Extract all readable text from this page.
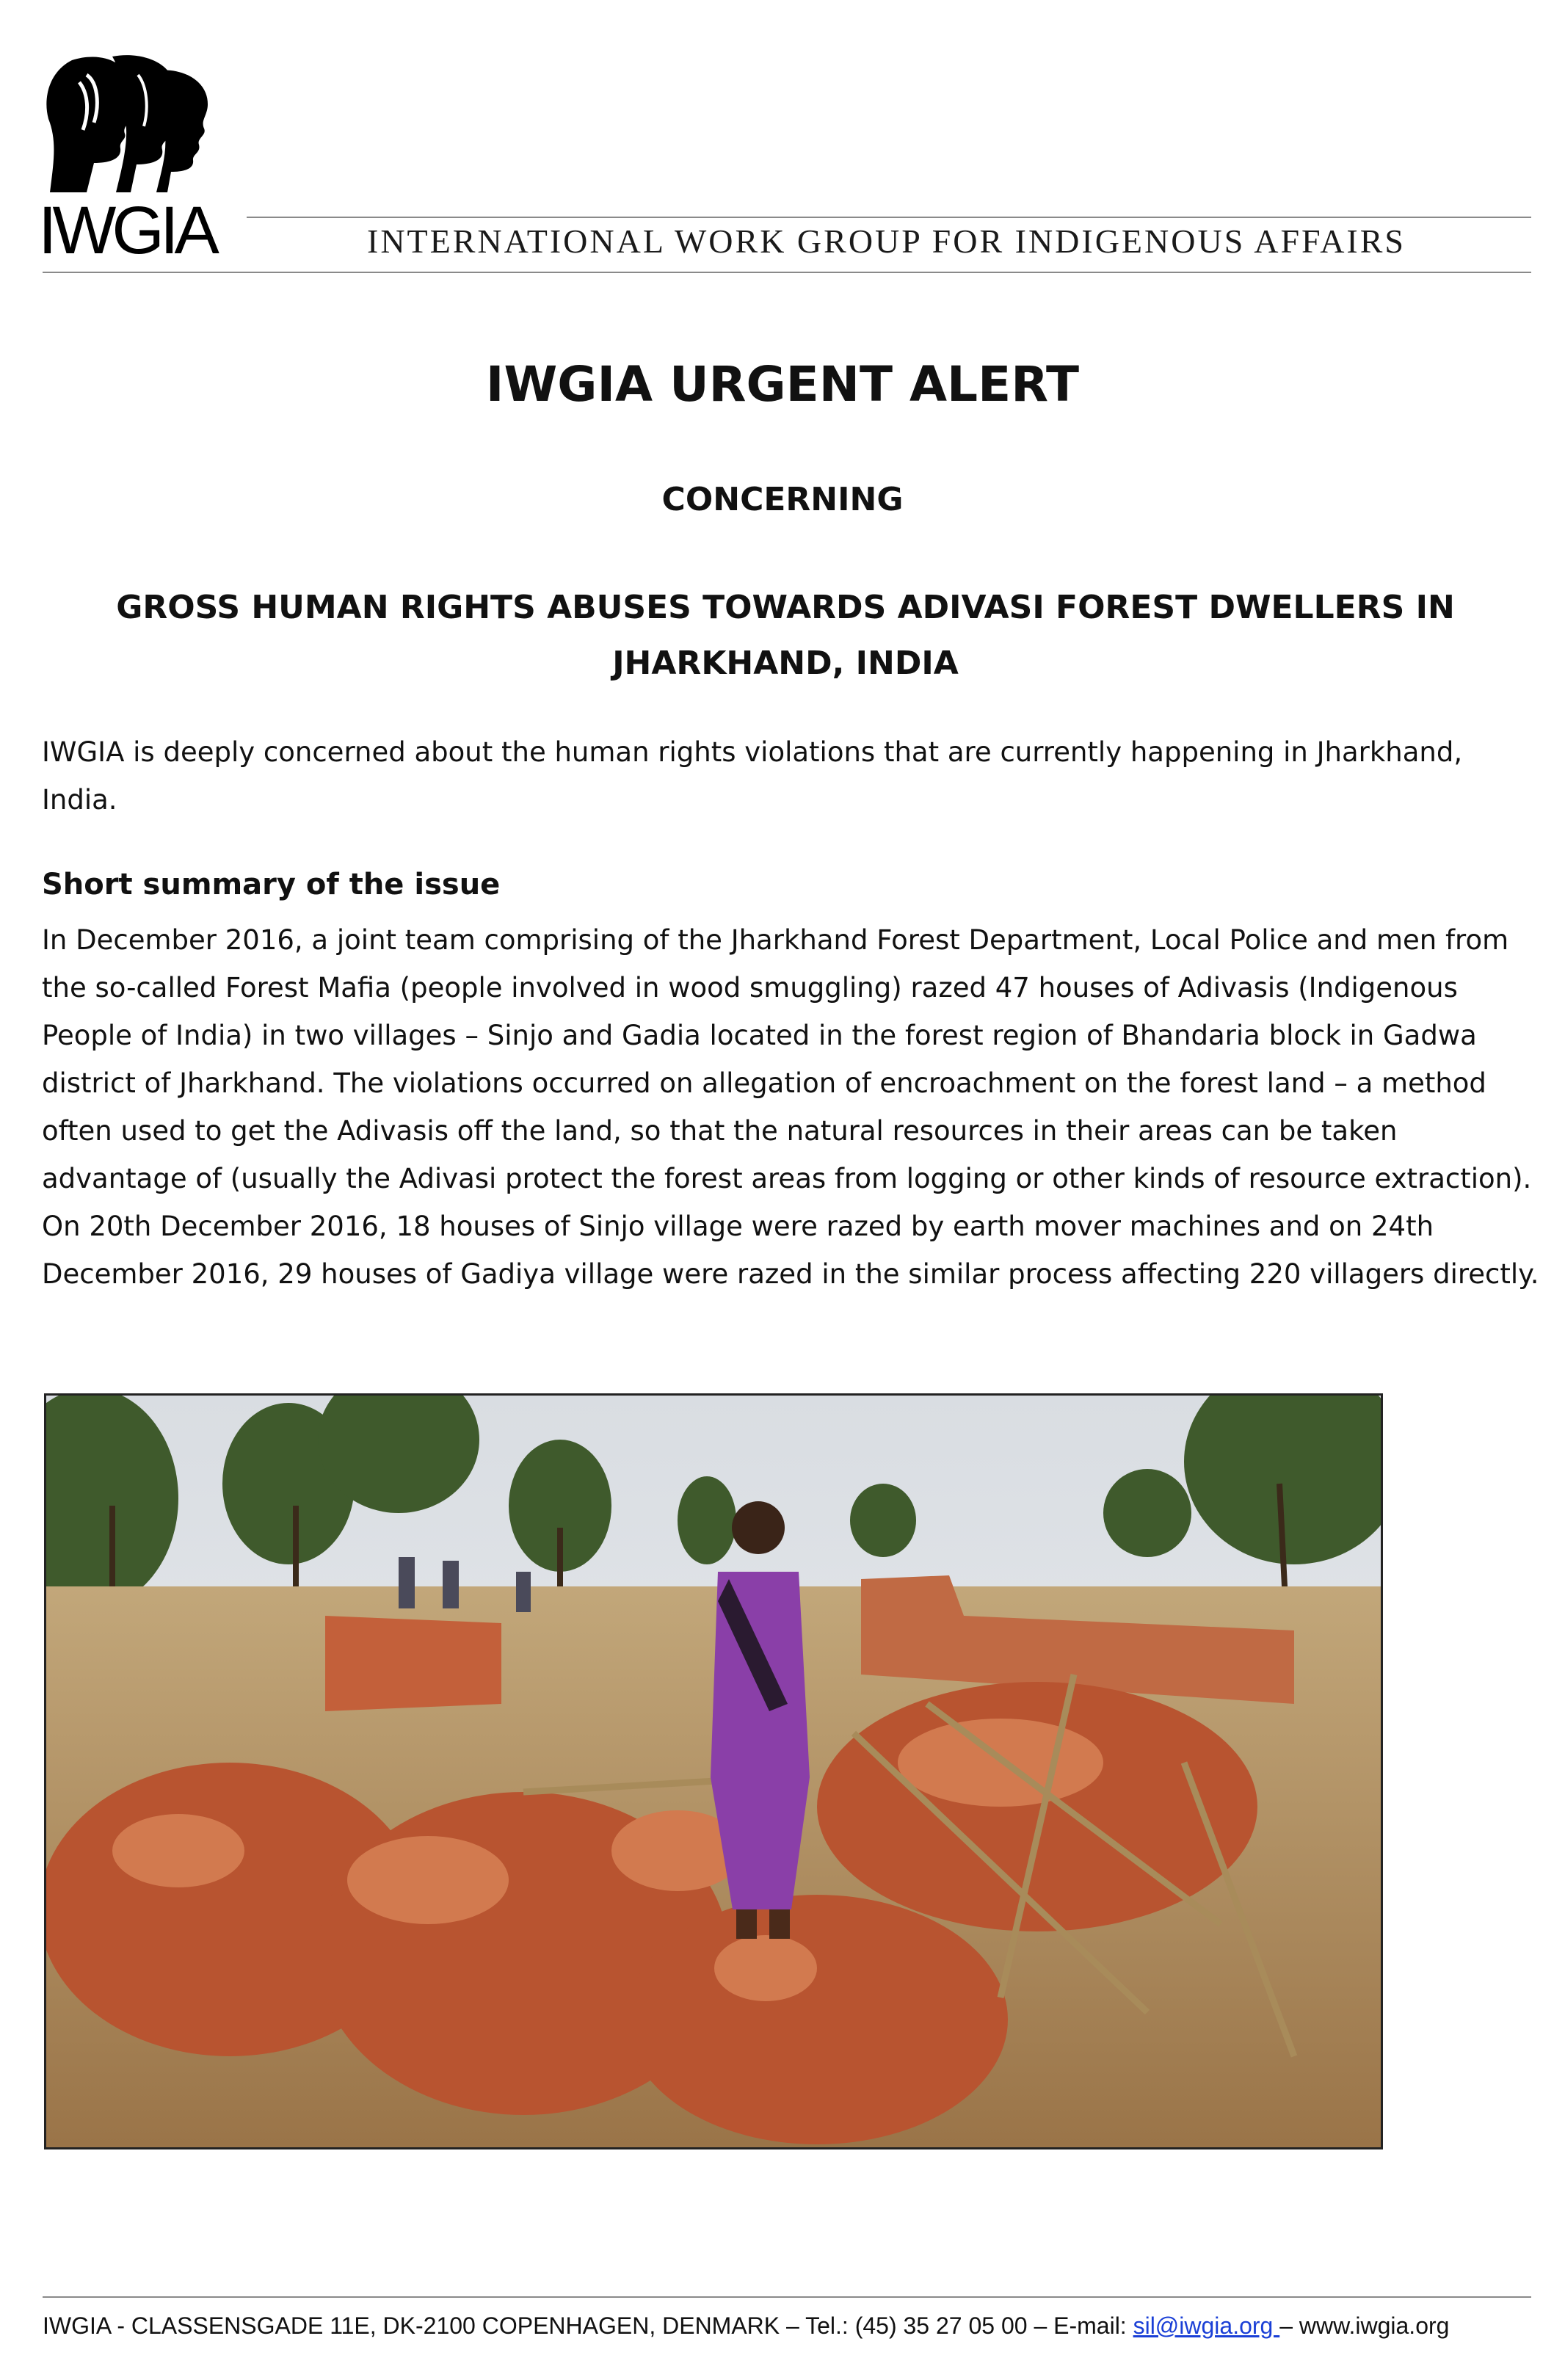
IWGIA	INTERNATIONAL WORK GROUP FOR INDIGENOUS AFFAIRS
IWGIA URGENT ALERT
CONCERNING
GROSS HUMAN RIGHTS ABUSES TOWARDS ADIVASI FOREST DWELLERS IN
JHARKHAND, INDIA
IWGIA is deeply concerned about the human rights violations that are currently happening in Jharkhand, India.
Short summary of the issue
In December 2016, a joint team comprising of the Jharkhand Forest Department, Local Police and men from the so-called Forest Mafia (people involved in wood smuggling) razed 47 houses of Adivasis (Indigenous People of India) in two villages – Sinjo and Gadia located in the forest region of Bhandaria block in Gadwa district of Jharkhand. The violations occurred on allegation of encroachment on the forest land – a method often used to get the Adivasis off the land, so that the natural resources in their areas can be taken advantage of (usually the Adivasi protect the forest areas from logging or other kinds of resource extraction). On 20th December 2016, 18 houses of Sinjo village were razed by earth mover machines and on 24th December 2016, 29 houses of Gadiya village were razed in the similar process affecting 220 villagers directly.
IWGIA - CLASSENSGADE 11E, DK-2100 COPENHAGEN, DENMARK – Tel.: (45) 35 27 05 00 – E-mail: sil@iwgia.org – www.iwgia.org
